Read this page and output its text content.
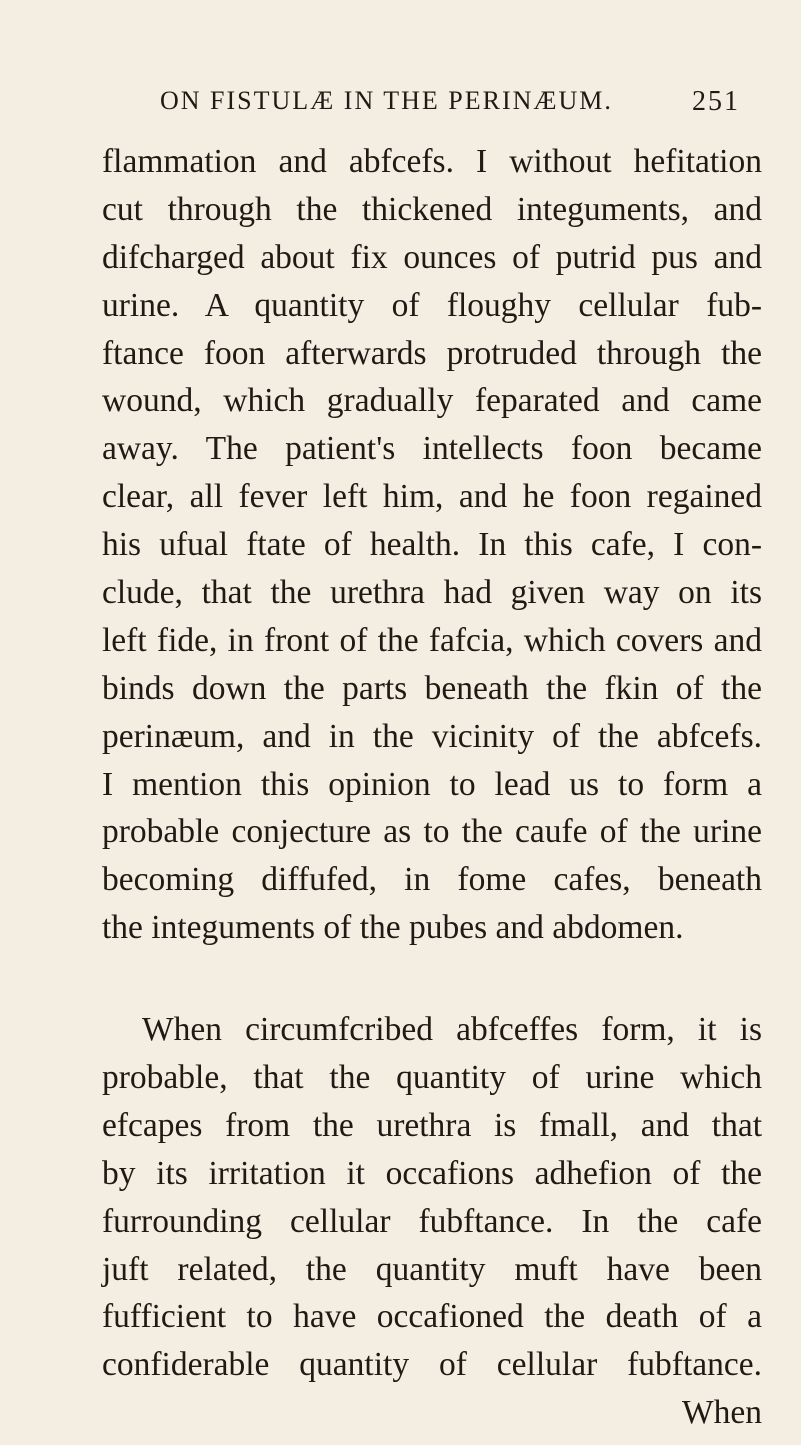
ON FISTULÆ IN THE PERINÆUM.	251
flammation and abfcefs. I without hefitation
cut through the thickened integuments, and
difcharged about fix ounces of putrid pus and
urine. A quantity of floughy cellular fub-
ftance foon afterwards protruded through the
wound, which gradually feparated and came
away. The patient's intellects foon became
clear, all fever left him, and he foon regained
his ufual ftate of health. In this cafe, I con-
clude, that the urethra had given way on its
left fide, in front of the fafcia, which covers and
binds down the parts beneath the fkin of the
perinæum, and in the vicinity of the abfcefs.
I mention this opinion to lead us to form a
probable conjecture as to the caufe of the urine
becoming diffufed, in fome cafes, beneath
the integuments of the pubes and abdomen.
When circumfcribed abfceffes form, it is
probable, that the quantity of urine which
efcapes from the urethra is fmall, and that
by its irritation it occafions adhefion of the
furrounding cellular fubftance. In the cafe
juft related, the quantity muft have been
fufficient to have occafioned the death of a
confiderable quantity of cellular fubftance.
When
